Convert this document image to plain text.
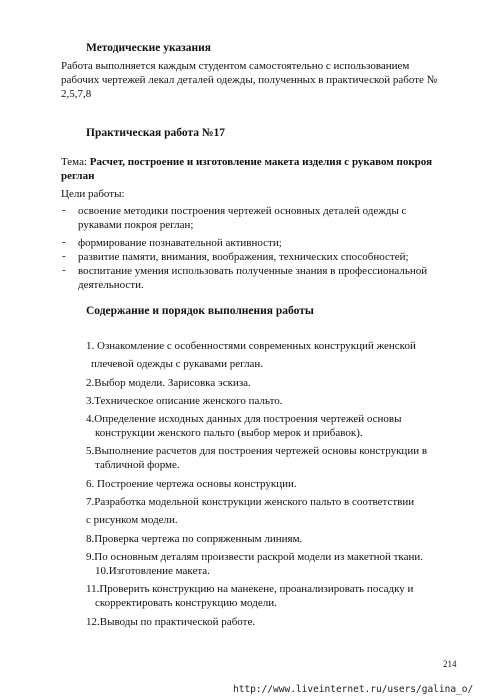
Методические указания
Работа выполняется каждым студентом самостоятельно с использованием
рабочих чертежей лекал деталей одежды, полученных в практической работе №
2,5,7,8
Практическая работа №17
Тема: Расчет, построение и изготовление макета изделия с рукавом покроя
реглан
Цели работы:
- освоение методики построения чертежей основных деталей одежды с
рукавами покроя реглан;
- формирование познавательной активности;
- развитие памяти, внимания, воображения, технических способностей;
- воспитание умения использовать полученные знания в профессиональной
деятельности.
Содержание и порядок выполнения работы
1. Ознакомление с особенностями современных конструкций женской
плечевой одежды с рукавами реглан.
2.Выбор модели. Зарисовка эскиза.
3.Техническое описание женского пальто.
4.Определение исходных данных для построения чертежей основы
конструкции женского пальто (выбор мерок и прибавок).
5.Выполнение расчетов для построения чертежей основы конструкции в
табличной форме.
6. Построение чертежа основы конструкции.
7.Разработка модельной конструкции женского пальто в соответствии
с рисунком модели.
8.Проверка чертежа по сопряженным линиям.
9.По основным деталям произвести раскрой модели из макетной ткани.
10.Изготовление макета.
11.Проверить конструкцию на манекене, проанализировать посадку и
скорректировать конструкцию модели.
12.Выводы по практической работе.
214
http://www.liveinternet.ru/users/galina_o/
